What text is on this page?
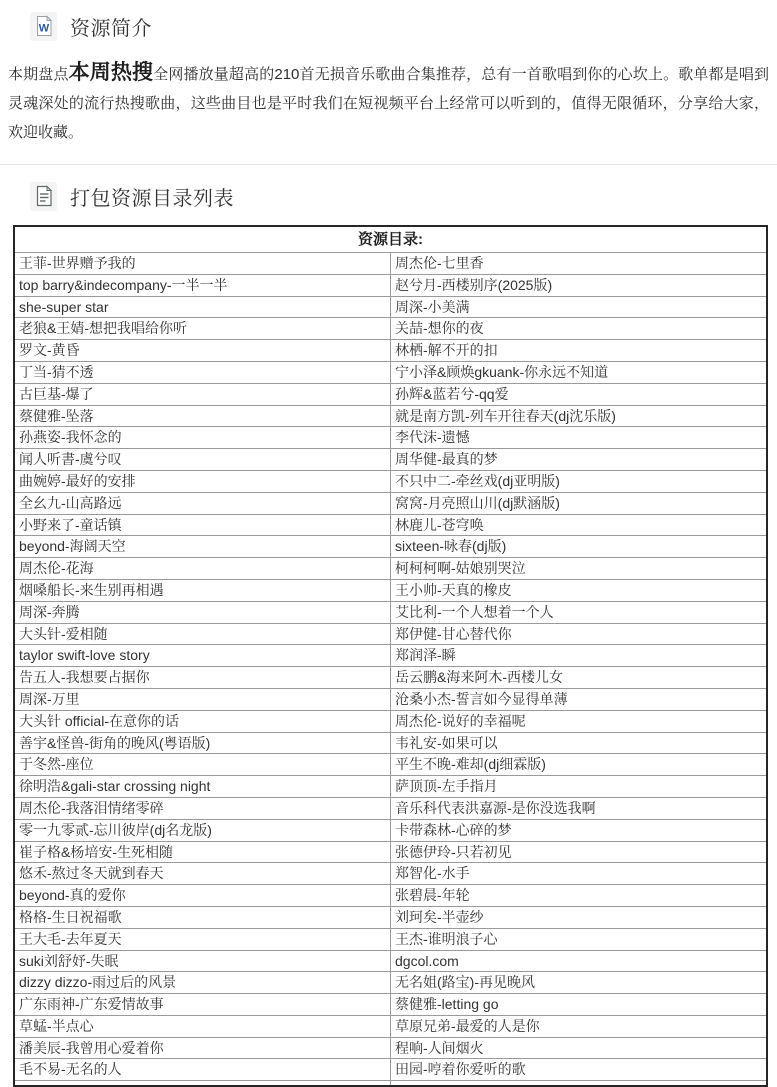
W 资源简介

本期盘点本周热搜全网播放量超高的210首无损音乐歌曲合集推荐，总有一首歌唱到你的心坎上。歌单都是唱到灵魂深处的流行热搜歌曲，这些曲目也是平时我们在短视频平台上经常可以听到的，值得无限循环，分享给大家，欢迎收藏。

打包资源目录列表
资源目录:	
王菲-世界赠予我的	周杰伦-七里香
top barry&indecompany-一半一半	赵兮月-西楼别序(2025版)
she-super star	周深-小美满
老狼&王婧-想把我唱给你听	关喆-想你的夜
罗文-黄昏	林栖-解不开的扣
丁当-猜不透	宁小泽&顾焕gkuank-你永远不知道
古巨基-爆了	孙辉&蓝若兮-qq爱
蔡健雅-坠落	就是南方凯-列车开往春天(dj沈乐版)
孙燕姿-我怀念的	李代沫-遗憾
闻人听書-虞兮叹	周华健-最真的梦
曲婉婷-最好的安排	不只中二-牵丝戏(dj亚明版)
全幺九-山高路远	窝窝-月亮照山川(dj默涵版)
小野来了-童话镇	林鹿儿-苍穹唤
beyond-海阔天空	sixteen-咏春(dj版)
周杰伦-花海	柯柯柯啊-姑娘别哭泣
烟嗓船长-来生别再相遇	王小帅-天真的橡皮
周深-奔腾	艾比利-一个人想着一个人
大头针-爱相随	郑伊健-甘心替代你
taylor swift-love story	郑润泽-瞬
告五人-我想要占据你	岳云鹏&海来阿木-西楼儿女
周深-万里	沧桑小杰-誓言如今显得单薄
大头针 official-在意你的话	周杰伦-说好的幸福呢
善宇&怪兽-街角的晚风(粤语版)	韦礼安-如果可以
于冬然-座位	平生不晚-难却(dj细霖版)
徐明浩&gali-star crossing night	萨顶顶-左手指月
周杰伦-我落泪情绪零碎	音乐科代表洪嘉源-是你没选我啊
零一九零贰-忘川彼岸(dj名龙版)	卡带森林-心碎的梦
崔子格&杨培安-生死相随	张德伊玲-只若初见
悠禾-熬过冬天就到春天	郑智化-水手
beyond-真的爱你	张碧晨-年轮
格格-生日祝福歌	刘珂矣-半壶纱
王大毛-去年夏天	王杰-谁明浪子心
suki刘舒妤-失眠	dgcol.com
dizzy dizzo-雨过后的风景	无名姐(路宝)-再见晚风
广东雨神-广东爱情故事	蔡健雅-letting go
草蜢-半点心	草原兄弟-最爱的人是你
潘美辰-我曾用心爱着你	程响-人间烟火
毛不易-无名的人	田园-哼着你爱听的歌
